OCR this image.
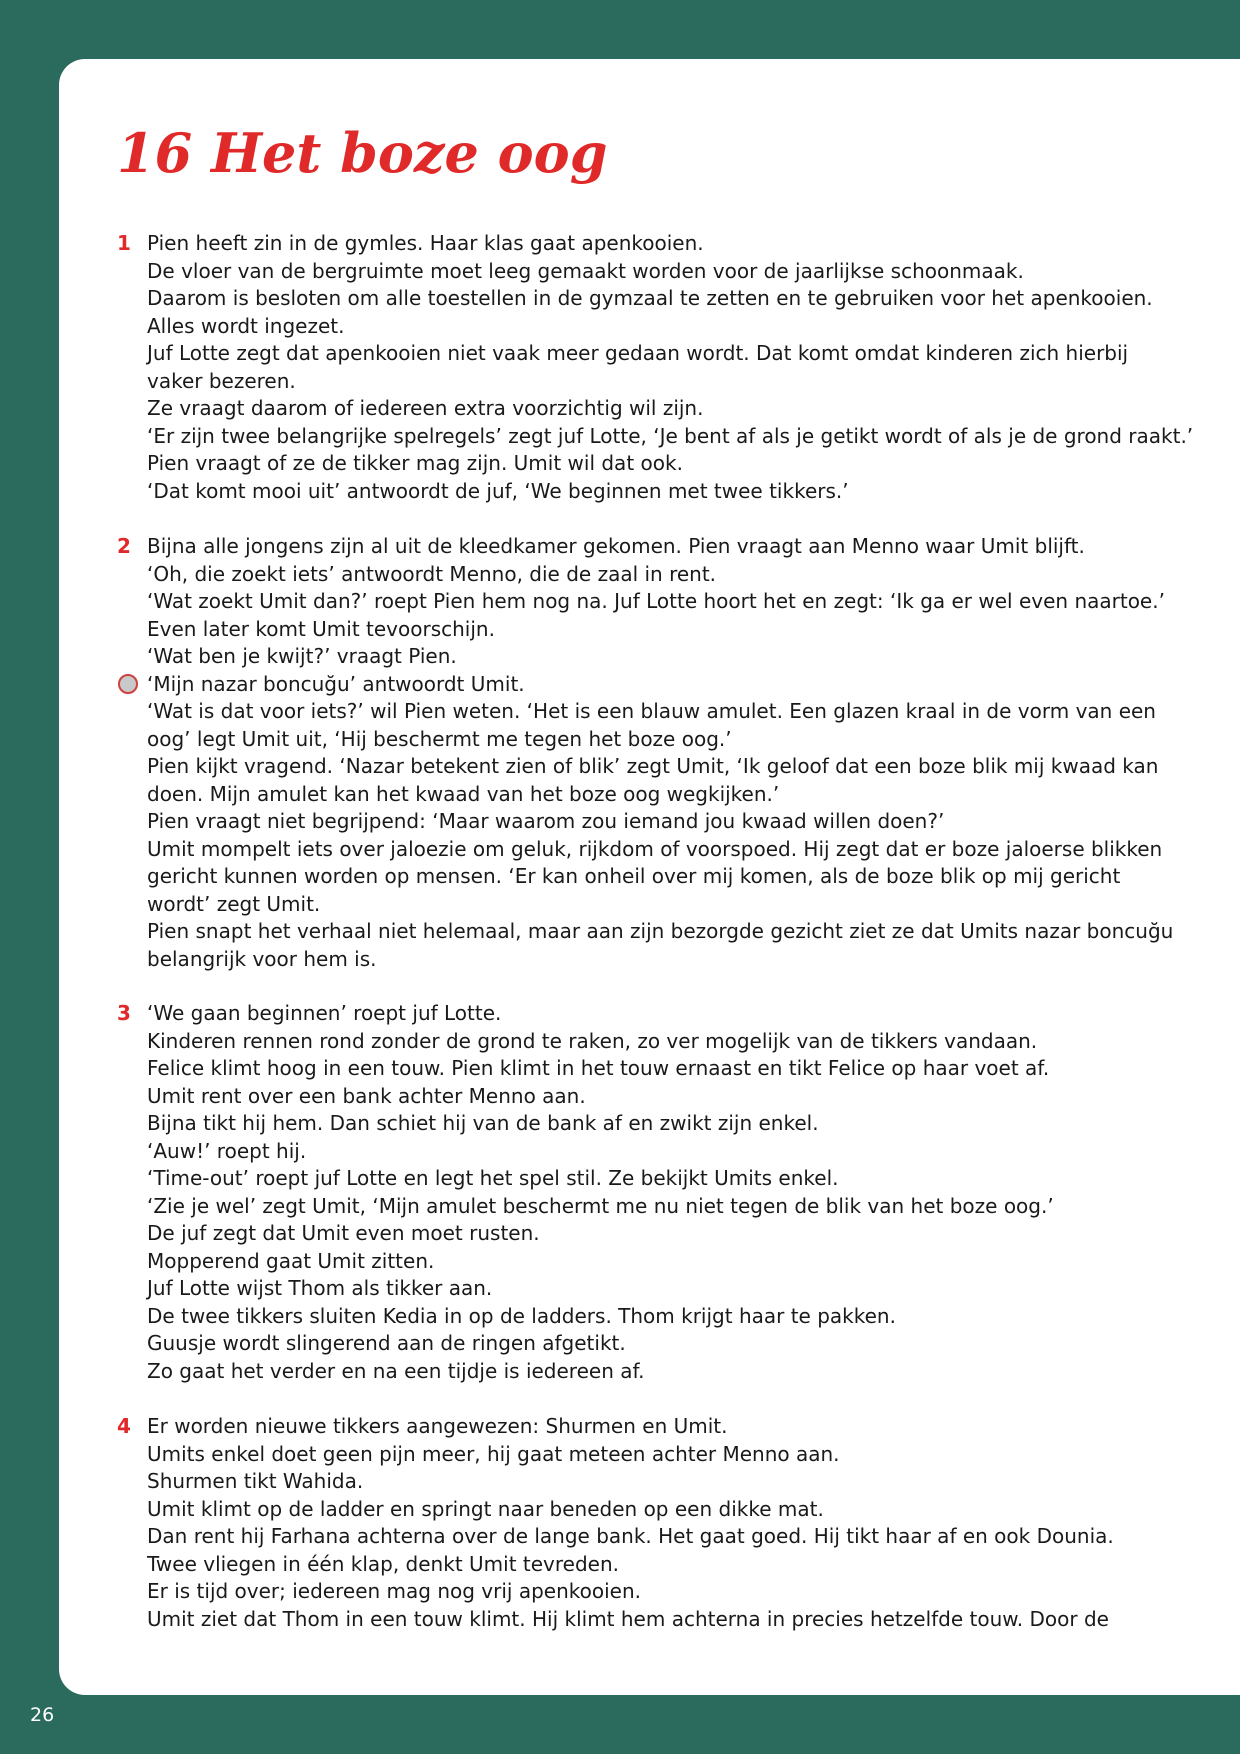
16 Het boze oog
1 Pien heeft zin in de gymles. Haar klas gaat apenkooien.
De vloer van de bergruimte moet leeg gemaakt worden voor de jaarlijkse schoonmaak.
Daarom is besloten om alle toestellen in de gymzaal te zetten en te gebruiken voor het apenkooien.
Alles wordt ingezet.
Juf Lotte zegt dat apenkooien niet vaak meer gedaan wordt. Dat komt omdat kinderen zich hierbij
vaker bezeren.
Ze vraagt daarom of iedereen extra voorzichtig wil zijn.
‘Er zijn twee belangrijke spelregels’ zegt juf Lotte, ‘Je bent af als je getikt wordt of als je de grond raakt.’
Pien vraagt of ze de tikker mag zijn. Umit wil dat ook.
‘Dat komt mooi uit’ antwoordt de juf, ‘We beginnen met twee tikkers.’
2 Bijna alle jongens zijn al uit de kleedkamer gekomen. Pien vraagt aan Menno waar Umit blijft.
‘Oh, die zoekt iets’ antwoordt Menno, die de zaal in rent.
‘Wat zoekt Umit dan?’ roept Pien hem nog na. Juf Lotte hoort het en zegt: ‘Ik ga er wel even naartoe.’
Even later komt Umit tevoorschijn.
‘Wat ben je kwijt?’ vraagt Pien.
‘Mijn nazar boncuğu’ antwoordt Umit.
‘Wat is dat voor iets?’ wil Pien weten. ‘Het is een blauw amulet. Een glazen kraal in de vorm van een
oog’ legt Umit uit, ‘Hij beschermt me tegen het boze oog.’
Pien kijkt vragend. ‘Nazar betekent zien of blik’ zegt Umit, ‘Ik geloof dat een boze blik mij kwaad kan
doen. Mijn amulet kan het kwaad van het boze oog wegkijken.’
Pien vraagt niet begrijpend: ‘Maar waarom zou iemand jou kwaad willen doen?’
Umit mompelt iets over jaloezie om geluk, rijkdom of voorspoed. Hij zegt dat er boze jaloerse blikken
gericht kunnen worden op mensen. ‘Er kan onheil over mij komen, als de boze blik op mij gericht
wordt’ zegt Umit.
Pien snapt het verhaal niet helemaal, maar aan zijn bezorgde gezicht ziet ze dat Umits nazar boncuğu
belangrijk voor hem is.
3 ‘We gaan beginnen’ roept juf Lotte.
Kinderen rennen rond zonder de grond te raken, zo ver mogelijk van de tikkers vandaan.
Felice klimt hoog in een touw. Pien klimt in het touw ernaast en tikt Felice op haar voet af.
Umit rent over een bank achter Menno aan.
Bijna tikt hij hem. Dan schiet hij van de bank af en zwikt zijn enkel.
‘Auw!’ roept hij.
‘Time-out’ roept juf Lotte en legt het spel stil. Ze bekijkt Umits enkel.
‘Zie je wel’ zegt Umit, ‘Mijn amulet beschermt me nu niet tegen de blik van het boze oog.’
De juf zegt dat Umit even moet rusten.
Mopperend gaat Umit zitten.
Juf Lotte wijst Thom als tikker aan.
De twee tikkers sluiten Kedia in op de ladders. Thom krijgt haar te pakken.
Guusje wordt slingerend aan de ringen afgetikt.
Zo gaat het verder en na een tijdje is iedereen af.
4 Er worden nieuwe tikkers aangewezen: Shurmen en Umit.
Umits enkel doet geen pijn meer, hij gaat meteen achter Menno aan.
Shurmen tikt Wahida.
Umit klimt op de ladder en springt naar beneden op een dikke mat.
Dan rent hij Farhana achterna over de lange bank. Het gaat goed. Hij tikt haar af en ook Dounia.
Twee vliegen in één klap, denkt Umit tevreden.
Er is tijd over; iedereen mag nog vrij apenkooien.
Umit ziet dat Thom in een touw klimt. Hij klimt hem achterna in precies hetzelfde touw. Door de
26
